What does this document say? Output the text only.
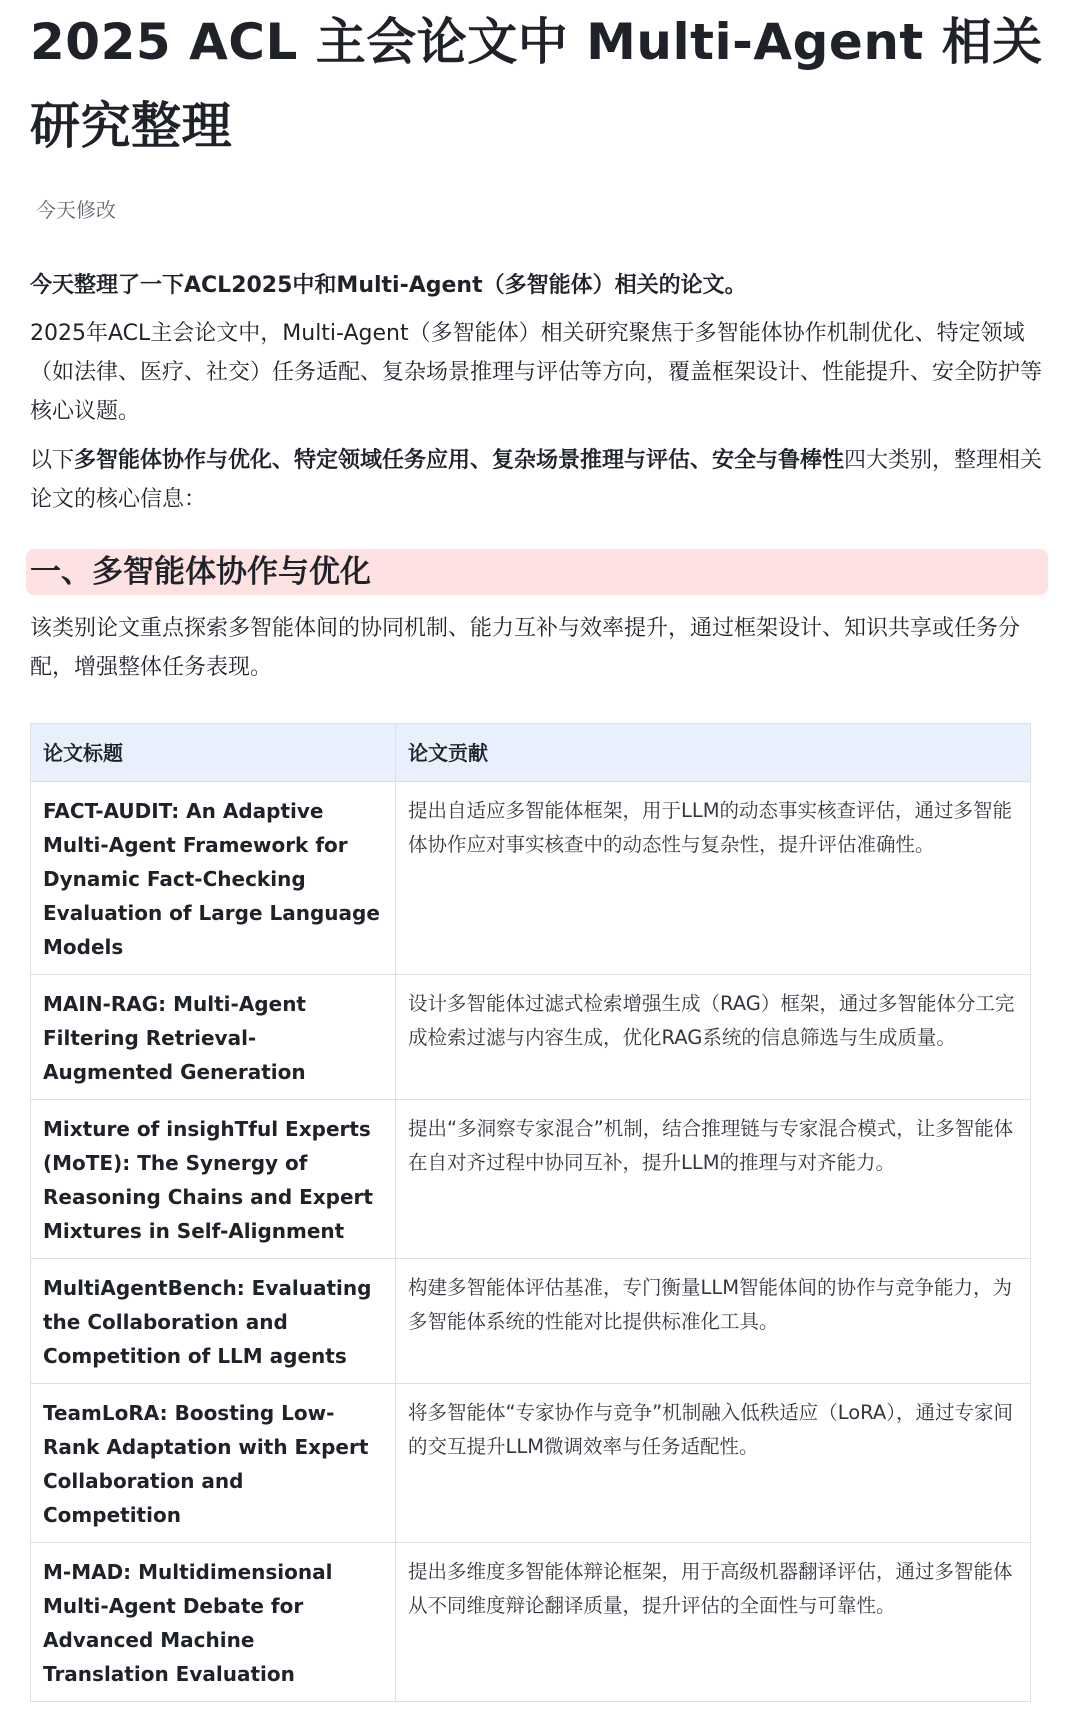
2025 ACL 主会论文中 Multi-Agent 相关研究整理
今天修改
今天整理了一下ACL2025中和Multi-Agent（多智能体）相关的论文。
2025年ACL主会论文中，Multi-Agent（多智能体）相关研究聚焦于多智能体协作机制优化、特定领域（如法律、医疗、社交）任务适配、复杂场景推理与评估等方向，覆盖框架设计、性能提升、安全防护等核心议题。
以下多智能体协作与优化、特定领域任务应用、复杂场景推理与评估、安全与鲁棒性四大类别，整理相关论文的核心信息：
一、多智能体协作与优化
该类别论文重点探索多智能体间的协同机制、能力互补与效率提升，通过框架设计、知识共享或任务分配，增强整体任务表现。
论文标题	论文贡献
FACT-AUDIT: An Adaptive Multi-Agent Framework for Dynamic Fact-Checking Evaluation of Large Language Models	提出自适应多智能体框架，用于LLM的动态事实核查评估，通过多智能体协作应对事实核查中的动态性与复杂性，提升评估准确性。
MAIN-RAG: Multi-Agent Filtering Retrieval-Augmented Generation	设计多智能体过滤式检索增强生成（RAG）框架，通过多智能体分工完成检索过滤与内容生成，优化RAG系统的信息筛选与生成质量。
Mixture of insighTful Experts (MoTE): The Synergy of Reasoning Chains and Expert Mixtures in Self-Alignment	提出“多洞察专家混合”机制，结合推理链与专家混合模式，让多智能体在自对齐过程中协同互补，提升LLM的推理与对齐能力。
MultiAgentBench: Evaluating the Collaboration and Competition of LLM agents	构建多智能体评估基准，专门衡量LLM智能体间的协作与竞争能力，为多智能体系统的性能对比提供标准化工具。
TeamLoRA: Boosting Low-Rank Adaptation with Expert Collaboration and Competition	将多智能体“专家协作与竞争”机制融入低秩适应（LoRA），通过专家间的交互提升LLM微调效率与任务适配性。
M-MAD: Multidimensional Multi-Agent Debate for Advanced Machine Translation Evaluation	提出多维度多智能体辩论框架，用于高级机器翻译评估，通过多智能体从不同维度辩论翻译质量，提升评估的全面性与可靠性。
